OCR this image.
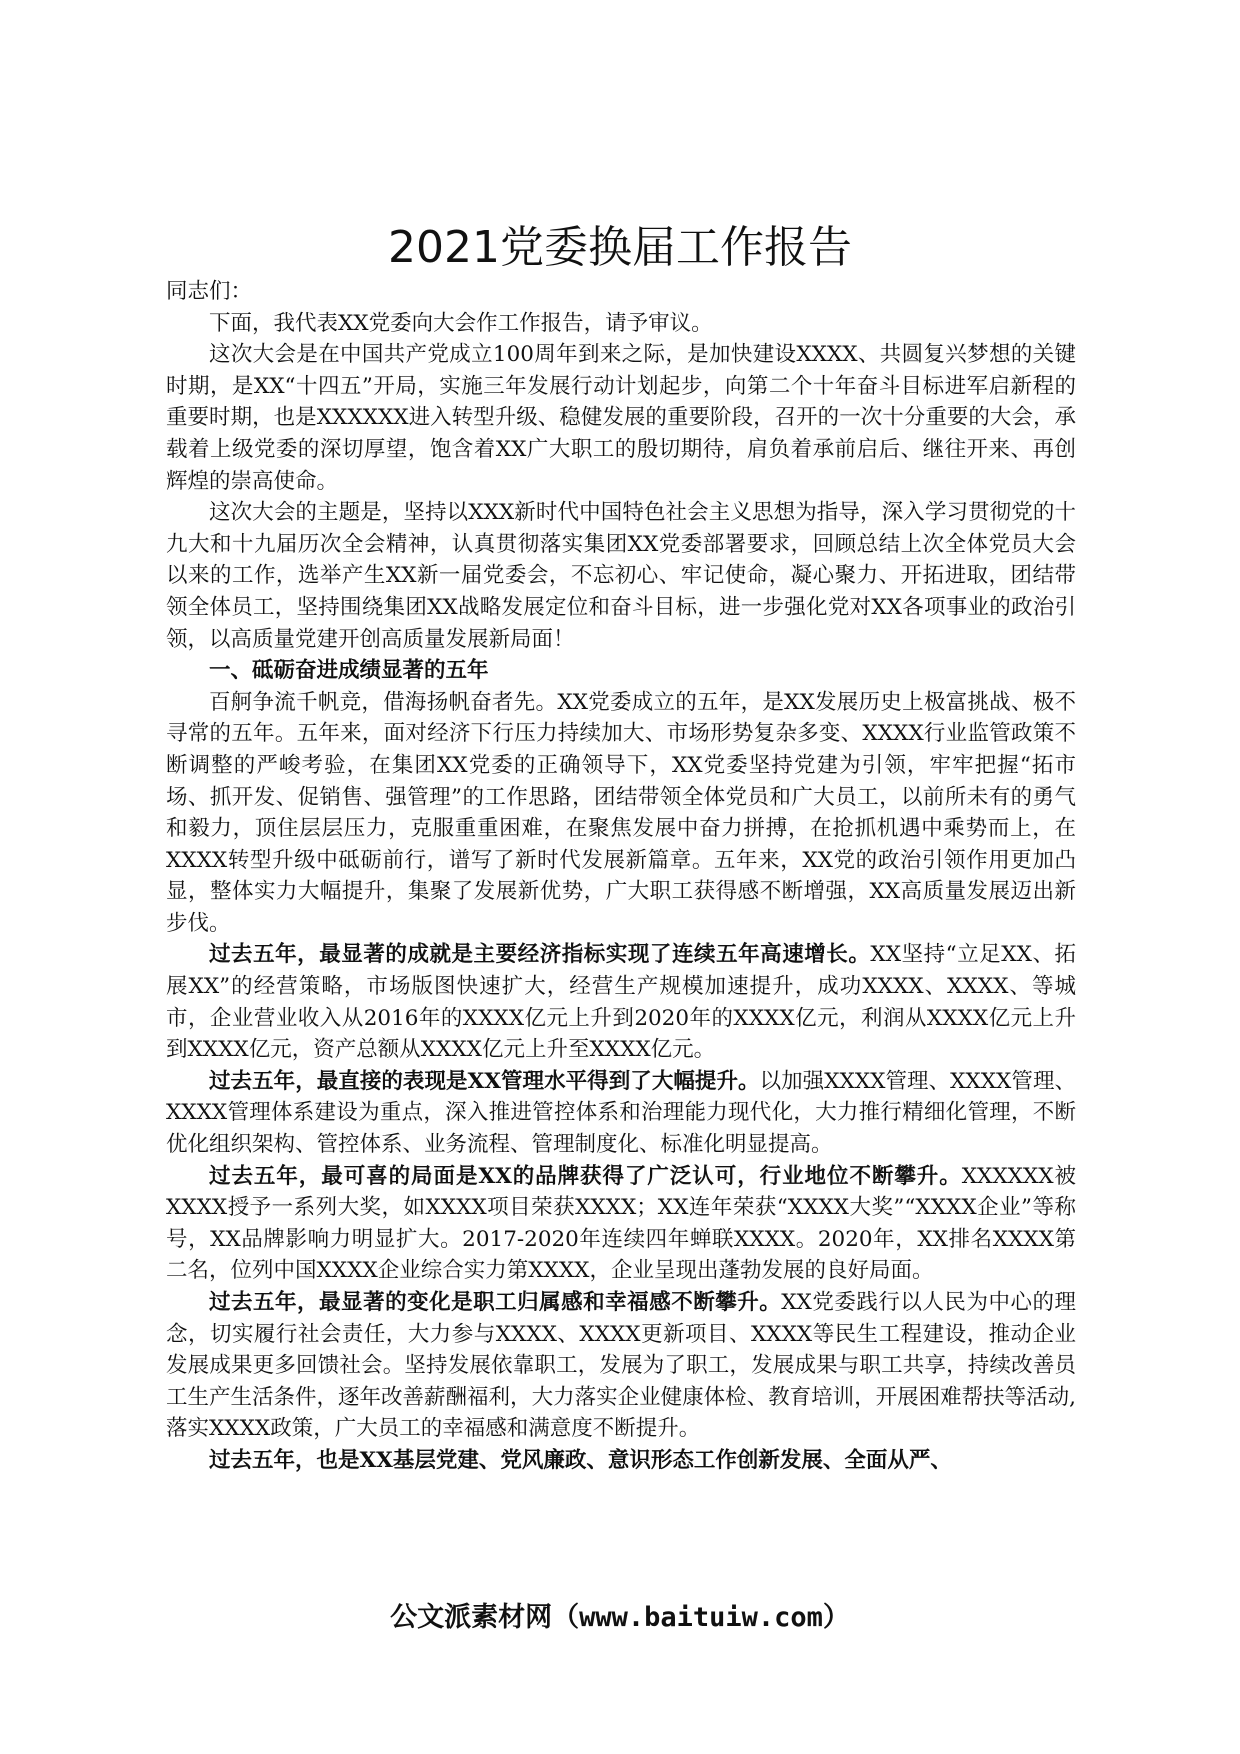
2021党委换届工作报告

同志们：

下面，我代表XX党委向大会作工作报告，请予审议。

这次大会是在中国共产党成立100周年到来之际，是加快建设XXXX、共圆复兴梦想的关键时期，是XX“十四五”开局，实施三年发展行动计划起步，向第二个十年奋斗目标进军启新程的重要时期，也是XXXXXX进入转型升级、稳健发展的重要阶段，召开的一次十分重要的大会，承载着上级党委的深切厚望，饱含着XX广大职工的殷切期待，肩负着承前启后、继往开来、再创辉煌的崇高使命。

这次大会的主题是，坚持以XXX新时代中国特色社会主义思想为指导，深入学习贯彻党的十九大和十九届历次全会精神，认真贯彻落实集团XX党委部署要求，回顾总结上次全体党员大会以来的工作，选举产生XX新一届党委会，不忘初心、牢记使命，凝心聚力、开拓进取，团结带领全体员工，坚持围绕集团XX战略发展定位和奋斗目标，进一步强化党对XX各项事业的政治引领，以高质量党建开创高质量发展新局面！

一、砥砺奋进成绩显著的五年

百舸争流千帆竞，借海扬帆奋者先。XX党委成立的五年，是XX发展历史上极富挑战、极不寻常的五年。五年来，面对经济下行压力持续加大、市场形势复杂多变、XXXX行业监管政策不断调整的严峻考验，在集团XX党委的正确领导下，XX党委坚持党建为引领，牢牢把握“拓市场、抓开发、促销售、强管理”的工作思路，团结带领全体党员和广大员工，以前所未有的勇气和毅力，顶住层层压力，克服重重困难，在聚焦发展中奋力拼搏，在抢抓机遇中乘势而上，在XXXX转型升级中砥砺前行，谱写了新时代发展新篇章。五年来，XX党的政治引领作用更加凸显，整体实力大幅提升，集聚了发展新优势，广大职工获得感不断增强，XX高质量发展迈出新步伐。

过去五年，最显著的成就是主要经济指标实现了连续五年高速增长。XX坚持“立足XX、拓展XX”的经营策略，市场版图快速扩大，经营生产规模加速提升，成功XXXX、XXXX、等城市，企业营业收入从2016年的XXXX亿元上升到2020年的XXXX亿元，利润从XXXX亿元上升到XXXX亿元，资产总额从XXXX亿元上升至XXXX亿元。

过去五年，最直接的表现是XX管理水平得到了大幅提升。以加强XXXX管理、XXXX管理、XXXX管理体系建设为重点，深入推进管控体系和治理能力现代化，大力推行精细化管理，不断优化组织架构、管控体系、业务流程、管理制度化、标准化明显提高。

过去五年，最可喜的局面是XX的品牌获得了广泛认可，行业地位不断攀升。XXXXXX被XXXX授予一系列大奖，如XXXX项目荣获XXXX；XX连年荣获“XXXX大奖”“XXXX企业”等称号，XX品牌影响力明显扩大。2017-2020年连续四年蝉联XXXX。2020年，XX排名XXXX第二名，位列中国XXXX企业综合实力第XXXX，企业呈现出蓬勃发展的良好局面。

过去五年，最显著的变化是职工归属感和幸福感不断攀升。XX党委践行以人民为中心的理念，切实履行社会责任，大力参与XXXX、XXXX更新项目、XXXX等民生工程建设，推动企业发展成果更多回馈社会。坚持发展依靠职工，发展为了职工，发展成果与职工共享，持续改善员工生产生活条件，逐年改善薪酬福利，大力落实企业健康体检、教育培训，开展困难帮扶等活动,落实XXXX政策，广大员工的幸福感和满意度不断提升。

过去五年，也是XX基层党建、党风廉政、意识形态工作创新发展、全面从严、

公文派素材网（www.baituiw.com）
